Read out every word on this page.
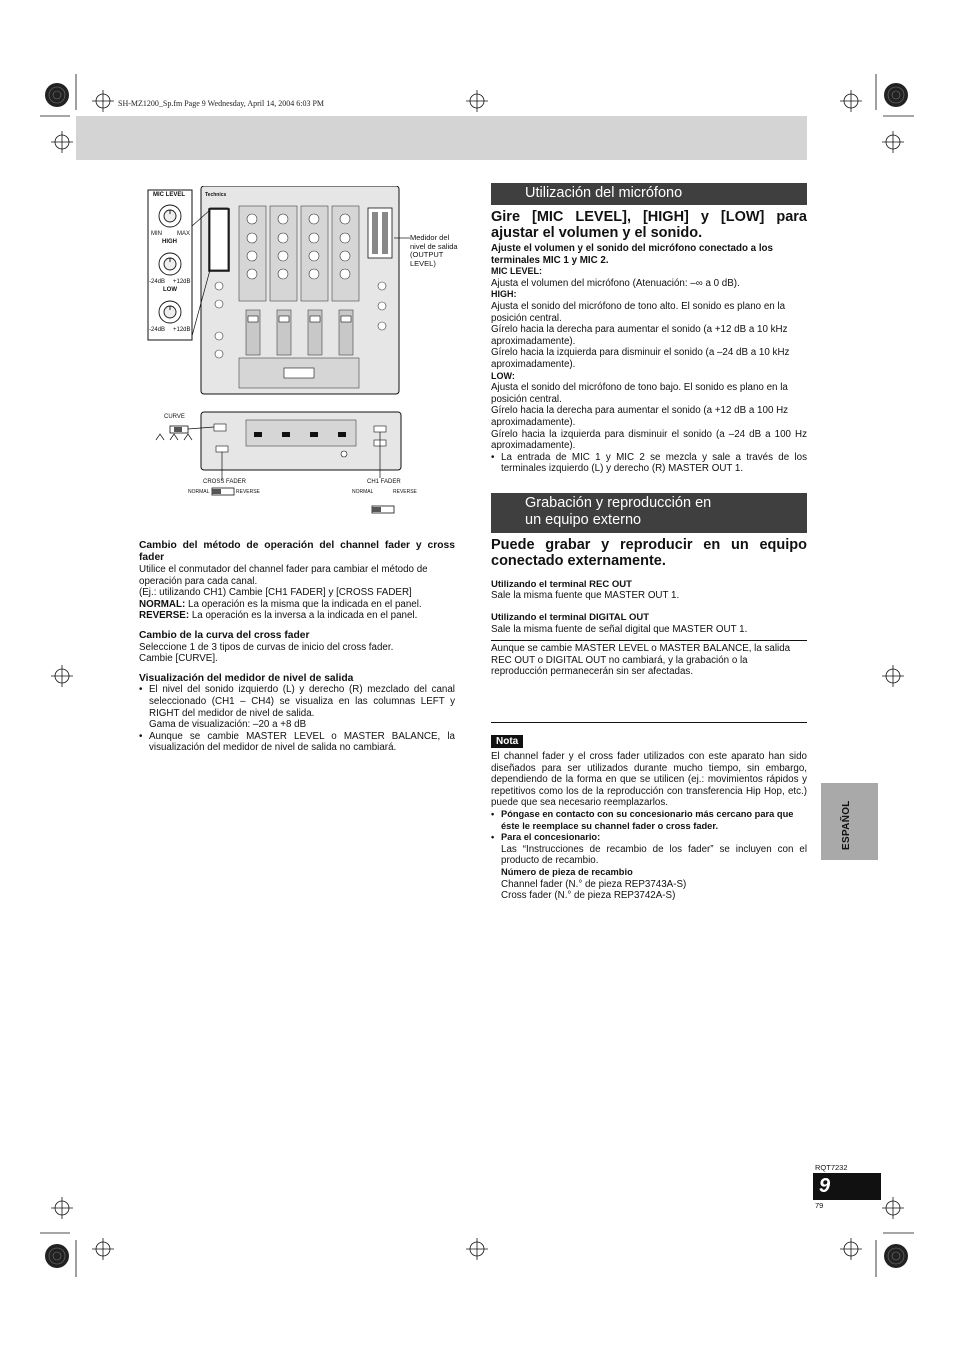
SH-MZ1200_Sp.fm Page 9 Wednesday, April 14, 2004 6:03 PM
ESPAÑOL
MIC LEVEL
MIN	MAX
HIGH
-24dB +12dB
LOW
-24dB +12dB
Technics
Medidor del nivel de salida (OUTPUT LEVEL)
CURVE
CROSS FADER
NORMAL	REVERSE
CH1 FADER
NORMAL	REVERSE
Cambio del método de operación del channel fader y cross fader
Utilice el conmutador del channel fader para cambiar el método de operación para cada canal.
(Ej.: utilizando CH1) Cambie [CH1 FADER] y [CROSS FADER]
NORMAL: La operación es la misma que la indicada en el panel.
REVERSE: La operación es la inversa a la indicada en el panel.
Cambio de la curva del cross fader
Seleccione 1 de 3 tipos de curvas de inicio del cross fader.
Cambie [CURVE].
Visualización del medidor de nivel de salida
• El nivel del sonido izquierdo (L) y derecho (R) mezclado del canal seleccionado (CH1 – CH4) se visualiza en las columnas LEFT y RIGHT del medidor de nivel de salida.
Gama de visualización: –20 a +8 dB
• Aunque se cambie MASTER LEVEL o MASTER BALANCE, la visualización del medidor de nivel de salida no cambiará.
Utilización del micrófono
Gire [MIC LEVEL], [HIGH] y [LOW] para ajustar el volumen y el sonido.
Ajuste el volumen y el sonido del micrófono conectado a los terminales MIC 1 y MIC 2.
MIC LEVEL:
Ajusta el volumen del micrófono (Atenuación: –∞ a 0 dB).
HIGH:
Ajusta el sonido del micrófono de tono alto. El sonido es plano en la posición central.
Gírelo hacia la derecha para aumentar el sonido (a +12 dB a 10 kHz aproximadamente).
Gírelo hacia la izquierda para disminuir el sonido (a –24 dB a 10 kHz aproximadamente).
LOW:
Ajusta el sonido del micrófono de tono bajo. El sonido es plano en la posición central.
Gírelo hacia la derecha para aumentar el sonido (a +12 dB a 100 Hz aproximadamente).
Gírelo hacia la izquierda para disminuir el sonido (a –24 dB a 100 Hz aproximadamente).
• La entrada de MIC 1 y MIC 2 se mezcla y sale a través de los terminales izquierdo (L) y derecho (R) MASTER OUT 1.
Grabación y reproducción en
un equipo externo
Puede grabar y reproducir en un equipo conectado externamente.
Utilizando el terminal REC OUT
Sale la misma fuente que MASTER OUT 1.
Utilizando el terminal DIGITAL OUT
Sale la misma fuente de señal digital que MASTER OUT 1.
Aunque se cambie MASTER LEVEL o MASTER BALANCE, la salida REC OUT o DIGITAL OUT no cambiará, y la grabación o la reproducción permanecerán sin ser afectadas.
Nota
El channel fader y el cross fader utilizados con este aparato han sido diseñados para ser utilizados durante mucho tiempo, sin embargo, dependiendo de la forma en que se utilicen (ej.: movimientos rápidos y repetitivos como los de la reproducción con transferencia Hip Hop, etc.) puede que sea necesario reemplazarlos.
• Póngase en contacto con su concesionario más cercano para que éste le reemplace su channel fader o cross fader.
• Para el concesionario:
Las “Instrucciones de recambio de los fader” se incluyen con el producto de recambio.
Número de pieza de recambio
Channel fader (N.° de pieza REP3743A-S)
Cross fader (N.° de pieza REP3742A-S)
RQT7232
9
79
